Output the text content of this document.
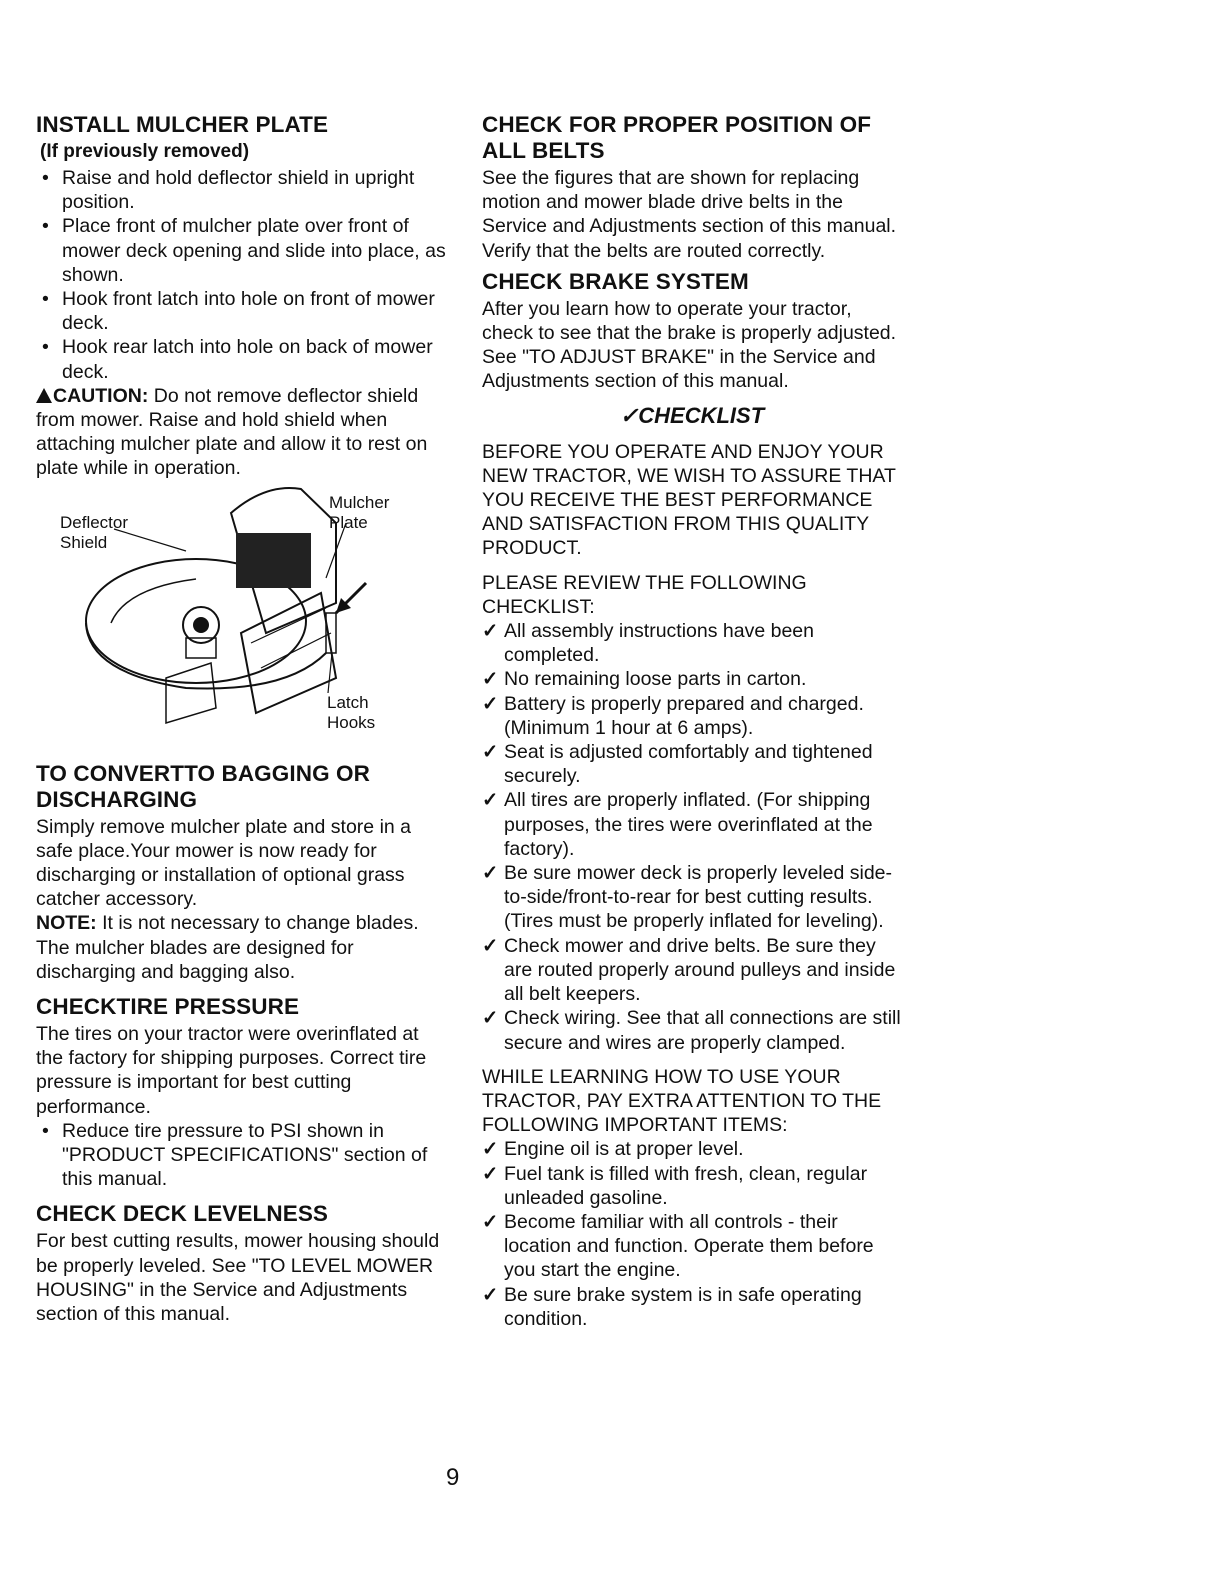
INSTALL MULCHER PLATE
(If previously removed)
• Raise and hold deflector shield in upright position.
• Place front of mulcher plate over front of mower deck opening and slide into place, as shown.
• Hook front latch into hole on front of mower deck.
• Hook rear latch into hole on back of mower deck.

CAUTION: Do not remove deflector shield from mower. Raise and hold shield when attaching mulcher plate and allow it to rest on plate while in operation.

Deflector Shield
Mulcher Plate
Latch Hooks
TO CONVERTTO BAGGING OR DISCHARGING

Simply remove mulcher plate and store in a safe place.Your mower is now ready for discharging or installation of optional grass catcher accessory.

NOTE: It is not necessary to change blades. The mulcher blades are designed for discharging and bagging also.

CHECKTIRE PRESSURE

The tires on your tractor were overinflated at the factory for shipping purposes. Correct tire pressure is important for best cutting performance.

• Reduce tire pressure to PSI shown in "PRODUCT SPECIFICATIONS" section of this manual.
CHECK DECK LEVELNESS

For best cutting results, mower housing should be properly leveled. See "TO LEVEL MOWER HOUSING" in the Service and Adjustments section of this manual.

CHECK FOR PROPER POSITION OF ALL BELTS

See the figures that are shown for replacing motion and mower blade drive belts in the Service and Adjustments section of this manual. Verify that the belts are routed correctly.

CHECK BRAKE SYSTEM

After you learn how to operate your tractor, check to see that the brake is properly adjusted. See "TO ADJUST BRAKE" in the Service and Adjustments section of this manual.

✓CHECKLIST

BEFORE YOU OPERATE AND ENJOY YOUR NEW TRACTOR, WE WISH TO ASSURE THAT YOU RECEIVE THE BEST PERFORMANCE AND SATISFACTION FROM THIS QUALITY PRODUCT.

PLEASE REVIEW THE FOLLOWING CHECKLIST:

✓ All assembly instructions have been completed.
✓ No remaining loose parts in carton.
✓ Battery is properly prepared and charged. (Minimum 1 hour at 6 amps).
✓ Seat is adjusted comfortably and tightened securely.
✓ All tires are properly inflated. (For shipping purposes, the tires were overinflated at the factory).
✓ Be sure mower deck is properly leveled side-to-side/front-to-rear for best cutting results. (Tires must be properly inflated for leveling).
✓ Check mower and drive belts. Be sure they are routed properly around pulleys and inside all belt keepers.
✓ Check wiring. See that all connections are still secure and wires are properly clamped.

WHILE LEARNING HOW TO USE YOUR TRACTOR, PAY EXTRA ATTENTION TO THE FOLLOWING IMPORTANT ITEMS:

✓ Engine oil is at proper level.
✓ Fuel tank is filled with fresh, clean, regular unleaded gasoline.
✓ Become familiar with all controls - their location and function. Operate them before you start the engine.
✓ Be sure brake system is in safe operating condition.
9
